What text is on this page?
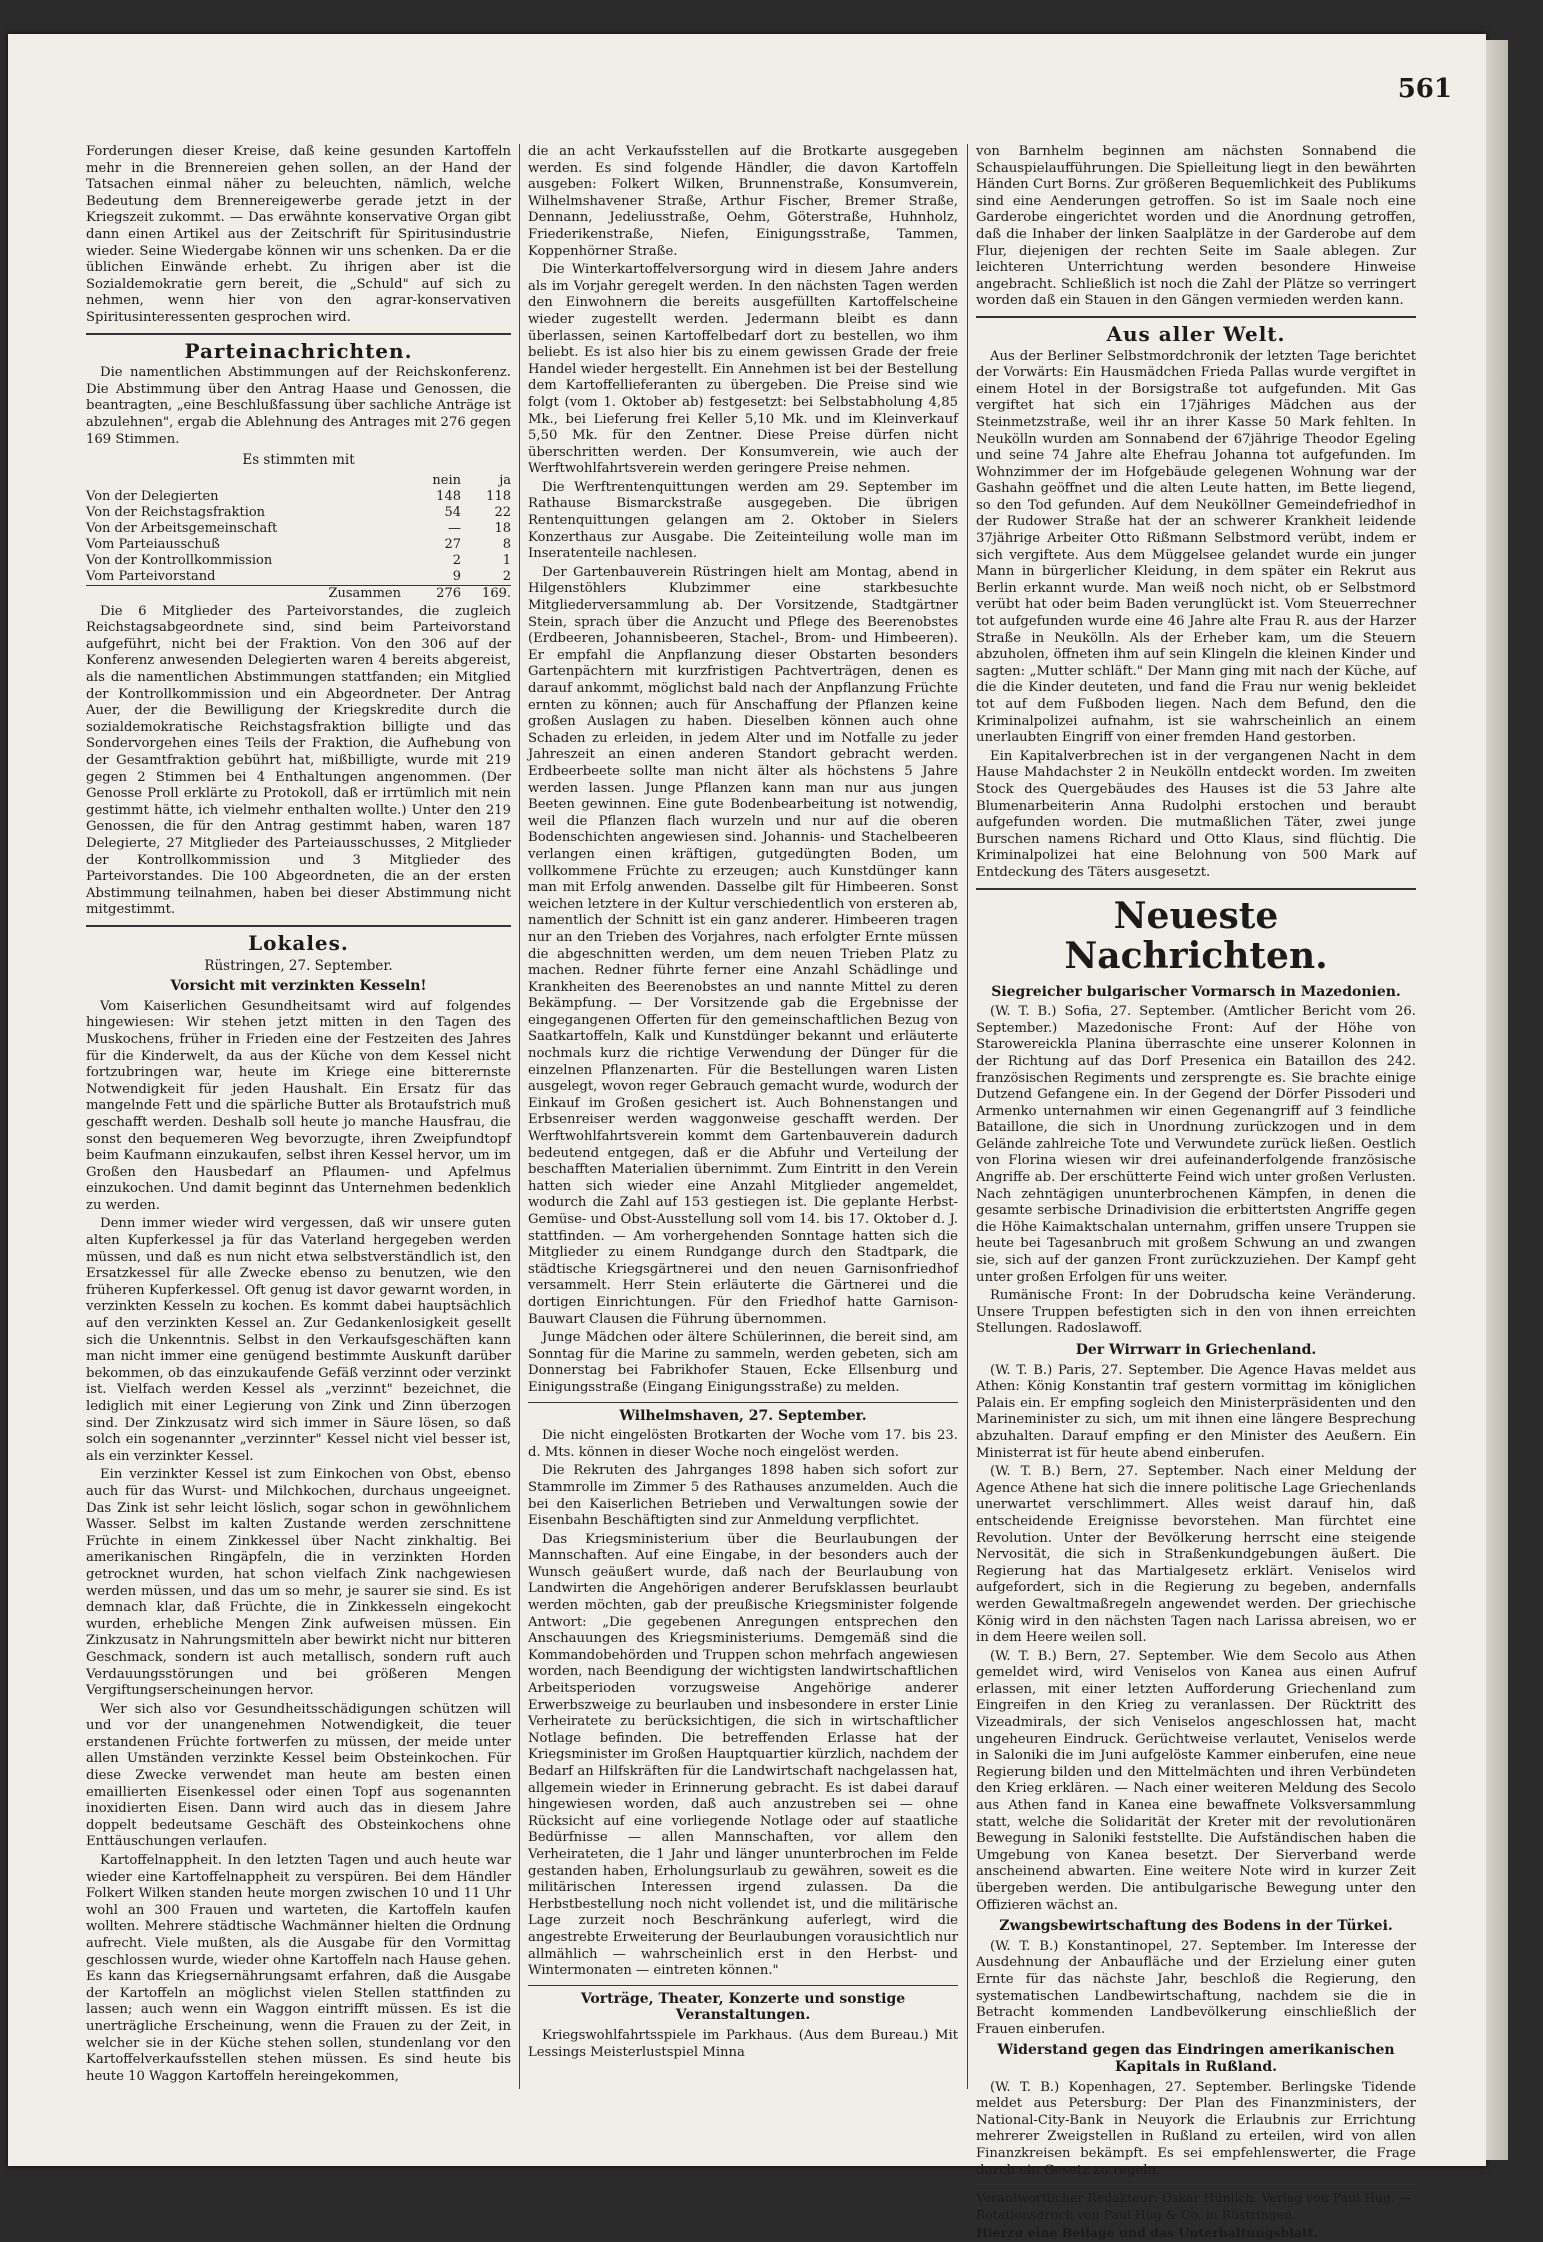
561

Forderungen dieser Kreise, daß keine gesunden Kartoffeln mehr in die Brennereien gehen sollen, an der Hand der Tatsachen einmal näher zu beleuchten, nämlich, welche Bedeutung dem Brennereigewerbe gerade jetzt in der Kriegszeit zukommt. — Das erwähnte konservative Organ gibt dann einen Artikel aus der Zeitschrift für Spiritusindustrie wieder. Seine Wiedergabe können wir uns schenken. Da er die üblichen Einwände erhebt. Zu ihrigen aber ist die Sozialdemokratie gern bereit, die „Schuld" auf sich zu nehmen, wenn hier von den agrar-konservativen Spiritusinteressenten gesprochen wird.

Parteinachrichten.

Die namentlichen Abstimmungen auf der Reichskonferenz. Die Abstimmung über den Antrag Haase und Genossen, die beantragten, „eine Beschlußfassung über sachliche Anträge ist abzulehnen", ergab die Ablehnung des Antrages mit 276 gegen 169 Stimmen.

Es stimmten mit
	nein	ja
Von der Delegierten	148	118
Von der Reichstagsfraktion	54	22
Von der Arbeitsgemeinschaft	—	18
Vom Parteiausschuß	27	8
Von der Kontrollkommission	2	1
Vom Parteivorstand	9	2
Zusammen	276	169.

Die 6 Mitglieder des Parteivorstandes, die zugleich Reichstagsabgeordnete sind, sind beim Parteivorstand aufgeführt, nicht bei der Fraktion. Von den 306 auf der Konferenz anwesenden Delegierten waren 4 bereits abgereist, als die namentlichen Abstimmungen stattfanden; ein Mitglied der Kontrollkommission und ein Abgeordneter. Der Antrag Auer, der die Bewilligung der Kriegskredite durch die sozialdemokratische Reichstagsfraktion billigte und das Sondervorgehen eines Teils der Fraktion, die Aufhebung von der Gesamtfraktion gebührt hat, mißbilligte, wurde mit 219 gegen 2 Stimmen bei 4 Enthaltungen angenommen. (Der Genosse Proll erklärte zu Protokoll, daß er irrtümlich mit nein gestimmt hätte, ich vielmehr enthalten wollte.) Unter den 219 Genossen, die für den Antrag gestimmt haben, waren 187 Delegierte, 27 Mitglieder des Parteiausschusses, 2 Mitglieder der Kontrollkommission und 3 Mitglieder des Parteivorstandes. Die 100 Abgeordneten, die an der ersten Abstimmung teilnahmen, haben bei dieser Abstimmung nicht mitgestimmt.

Lokales.
Rüstringen, 27. September.
Vorsicht mit verzinkten Kesseln!

Vom Kaiserlichen Gesundheitsamt wird auf folgendes hingewiesen: Wir stehen jetzt mitten in den Tagen des Muskochens, früher in Frieden eine der Festzeiten des Jahres für die Kinderwelt, da aus der Küche von dem Kessel nicht fortzubringen war, heute im Kriege eine bitterernste Notwendigkeit für jeden Haushalt. Ein Ersatz für das mangelnde Fett und die spärliche Butter als Brotaufstrich muß geschafft werden. Deshalb soll heute jo manche Hausfrau, die sonst den bequemeren Weg bevorzugte, ihren Zweipfundtopf beim Kaufmann einzukaufen, selbst ihren Kessel hervor, um im Großen den Hausbedarf an Pflaumen- und Apfelmus einzukochen. Und damit beginnt das Unternehmen bedenklich zu werden.

Denn immer wieder wird vergessen, daß wir unsere guten alten Kupferkessel ja für das Vaterland hergegeben werden müssen, und daß es nun nicht etwa selbstverständlich ist, den Ersatzkessel für alle Zwecke ebenso zu benutzen, wie den früheren Kupferkessel. Oft genug ist davor gewarnt worden, in verzinkten Kesseln zu kochen. Es kommt dabei hauptsächlich auf den verzinkten Kessel an. Zur Gedankenlosigkeit gesellt sich die Unkenntnis. Selbst in den Verkaufsgeschäften kann man nicht immer eine genügend bestimmte Auskunft darüber bekommen, ob das einzukaufende Gefäß verzinnt oder verzinkt ist. Vielfach werden Kessel als „verzinnt" bezeichnet, die lediglich mit einer Legierung von Zink und Zinn überzogen sind. Der Zinkzusatz wird sich immer in Säure lösen, so daß solch ein sogenannter „verzinnter" Kessel nicht viel besser ist, als ein verzinkter Kessel.

Ein verzinkter Kessel ist zum Einkochen von Obst, ebenso auch für das Wurst- und Milchkochen, durchaus ungeeignet. Das Zink ist sehr leicht löslich, sogar schon in gewöhnlichem Wasser. Selbst im kalten Zustande werden zerschnittene Früchte in einem Zinkkessel über Nacht zinkhaltig. Bei amerikanischen Ringäpfeln, die in verzinkten Horden getrocknet wurden, hat schon vielfach Zink nachgewiesen werden müssen, und das um so mehr, je saurer sie sind. Es ist demnach klar, daß Früchte, die in Zinkkesseln eingekocht wurden, erhebliche Mengen Zink aufweisen müssen. Ein Zinkzusatz in Nahrungsmitteln aber bewirkt nicht nur bitteren Geschmack, sondern ist auch metallisch, sondern ruft auch Verdauungsstörungen und bei größeren Mengen Vergiftungserscheinungen hervor.

Wer sich also vor Gesundheitsschädigungen schützen will und vor der unangenehmen Notwendigkeit, die teuer erstandenen Früchte fortwerfen zu müssen, der meide unter allen Umständen verzinkte Kessel beim Obsteinkochen. Für diese Zwecke verwendet man heute am besten einen emaillierten Eisenkessel oder einen Topf aus sogenannten inoxidierten Eisen. Dann wird auch das in diesem Jahre doppelt bedeutsame Geschäft des Obsteinkochens ohne Enttäuschungen verlaufen.

Kartoffelnappheit. In den letzten Tagen und auch heute war wieder eine Kartoffelnappheit zu verspüren. Bei dem Händler Folkert Wilken standen heute morgen zwischen 10 und 11 Uhr wohl an 300 Frauen und warteten, die Kartoffeln kaufen wollten. Mehrere städtische Wachmänner hielten die Ordnung aufrecht. Viele mußten, als die Ausgabe für den Vormittag geschlossen wurde, wieder ohne Kartoffeln nach Hause gehen. Es kann das Kriegsernährungsamt erfahren, daß die Ausgabe der Kartoffeln an möglichst vielen Stellen stattfinden zu lassen; auch wenn ein Waggon eintrifft müssen. Es ist die unerträgliche Erscheinung, wenn die Frauen zu der Zeit, in welcher sie in der Küche stehen sollen, stundenlang vor den Kartoffelverkaufsstellen stehen müssen. Es sind heute bis heute 10 Waggon Kartoffeln hereingekommen,

die an acht Verkaufsstellen auf die Brotkarte ausgegeben werden. Es sind folgende Händler, die davon Kartoffeln ausgeben: Folkert Wilken, Brunnenstraße, Konsumverein, Wilhelmshavener Straße, Arthur Fischer, Bremer Straße, Dennann, Jedeliusstraße, Oehm, Göterstraße, Huhnholz, Friederikenstraße, Niefen, Einigungsstraße, Tammen, Koppenhörner Straße.

Die Winterkartoffelversorgung wird in diesem Jahre anders als im Vorjahr geregelt werden. In den nächsten Tagen werden den Einwohnern die bereits ausgefüllten Kartoffelscheine wieder zugestellt werden. Jedermann bleibt es dann überlassen, seinen Kartoffelbedarf dort zu bestellen, wo ihm beliebt. Es ist also hier bis zu einem gewissen Grade der freie Handel wieder hergestellt. Ein Annehmen ist bei der Bestellung dem Kartoffellieferanten zu übergeben. Die Preise sind wie folgt (vom 1. Oktober ab) festgesetzt: bei Selbstabholung 4,85 Mk., bei Lieferung frei Keller 5,10 Mk. und im Kleinverkauf 5,50 Mk. für den Zentner. Diese Preise dürfen nicht überschritten werden. Der Konsumverein, wie auch der Werftwohlfahrtsverein werden geringere Preise nehmen.

Die Werftrentenquittungen werden am 29. September im Rathause Bismarckstraße ausgegeben. Die übrigen Rentenquittungen gelangen am 2. Oktober in Sielers Konzerthaus zur Ausgabe. Die Zeiteinteilung wolle man im Inseratenteile nachlesen.

Der Gartenbauverein Rüstringen hielt am Montag, abend in Hilgenstöhlers Klubzimmer eine starkbesuchte Mitgliederversammlung ab. Der Vorsitzende, Stadtgärtner Stein, sprach über die Anzucht und Pflege des Beerenobstes (Erdbeeren, Johannisbeeren, Stachel-, Brom- und Himbeeren). Er empfahl die Anpflanzung dieser Obstarten besonders Gartenpächtern mit kurzfristigen Pachtverträgen, denen es darauf ankommt, möglichst bald nach der Anpflanzung Früchte ernten zu können; auch für Anschaffung der Pflanzen keine großen Auslagen zu haben. Dieselben können auch ohne Schaden zu erleiden, in jedem Alter und im Notfalle zu jeder Jahreszeit an einen anderen Standort gebracht werden. Erdbeerbeete sollte man nicht älter als höchstens 5 Jahre werden lassen. Junge Pflanzen kann man nur aus jungen Beeten gewinnen. Eine gute Bodenbearbeitung ist notwendig, weil die Pflanzen flach wurzeln und nur auf die oberen Bodenschichten angewiesen sind. Johannis- und Stachelbeeren verlangen einen kräftigen, gutgedüngten Boden, um vollkommene Früchte zu erzeugen; auch Kunstdünger kann man mit Erfolg anwenden. Dasselbe gilt für Himbeeren. Sonst weichen letztere in der Kultur verschiedentlich von ersteren ab, namentlich der Schnitt ist ein ganz anderer. Himbeeren tragen nur an den Trieben des Vorjahres, nach erfolgter Ernte müssen die abgeschnitten werden, um dem neuen Trieben Platz zu machen. Redner führte ferner eine Anzahl Schädlinge und Krankheiten des Beerenobstes an und nannte Mittel zu deren Bekämpfung. — Der Vorsitzende gab die Ergebnisse der eingegangenen Offerten für den gemeinschaftlichen Bezug von Saatkartoffeln, Kalk und Kunstdünger bekannt und erläuterte nochmals kurz die richtige Verwendung der Dünger für die einzelnen Pflanzenarten. Für die Bestellungen waren Listen ausgelegt, wovon reger Gebrauch gemacht wurde, wodurch der Einkauf im Großen gesichert ist. Auch Bohnenstangen und Erbsenreiser werden waggonweise geschafft werden. Der Werftwohlfahrtsverein kommt dem Gartenbauverein dadurch bedeutend entgegen, daß er die Abfuhr und Verteilung der beschafften Materialien übernimmt. Zum Eintritt in den Verein hatten sich wieder eine Anzahl Mitglieder angemeldet, wodurch die Zahl auf 153 gestiegen ist. Die geplante Herbst-Gemüse- und Obst-Ausstellung soll vom 14. bis 17. Oktober d. J. stattfinden. — Am vorhergehenden Sonntage hatten sich die Mitglieder zu einem Rundgange durch den Stadtpark, die städtische Kriegsgärtnerei und den neuen Garnisonfriedhof versammelt. Herr Stein erläuterte die Gärtnerei und die dortigen Einrichtungen. Für den Friedhof hatte Garnison-Bauwart Clausen die Führung übernommen.

Junge Mädchen oder ältere Schülerinnen, die bereit sind, am Sonntag für die Marine zu sammeln, werden gebeten, sich am Donnerstag bei Fabrikhofer Stauen, Ecke Ellsenburg und Einigungsstraße (Eingang Einigungsstraße) zu melden.

Wilhelmshaven, 27. September.

Die nicht eingelösten Brotkarten der Woche vom 17. bis 23. d. Mts. können in dieser Woche noch eingelöst werden.

Die Rekruten des Jahrganges 1898 haben sich sofort zur Stammrolle im Zimmer 5 des Rathauses anzumelden. Auch die bei den Kaiserlichen Betrieben und Verwaltungen sowie der Eisenbahn Beschäftigten sind zur Anmeldung verpflichtet.

Das Kriegsministerium über die Beurlaubungen der Mannschaften. Auf eine Eingabe, in der besonders auch der Wunsch geäußert wurde, daß nach der Beurlaubung von Landwirten die Angehörigen anderer Berufsklassen beurlaubt werden möchten, gab der preußische Kriegsminister folgende Antwort: „Die gegebenen Anregungen entsprechen den Anschauungen des Kriegsministeriums. Demgemäß sind die Kommandobehörden und Truppen schon mehrfach angewiesen worden, nach Beendigung der wichtigsten landwirtschaftlichen Arbeitsperioden vorzugsweise Angehörige anderer Erwerbszweige zu beurlauben und insbesondere in erster Linie Verheiratete zu berücksichtigen, die sich in wirtschaftlicher Notlage befinden. Die betreffenden Erlasse hat der Kriegsminister im Großen Hauptquartier kürzlich, nachdem der Bedarf an Hilfskräften für die Landwirtschaft nachgelassen hat, allgemein wieder in Erinnerung gebracht. Es ist dabei darauf hingewiesen worden, daß auch anzustreben sei — ohne Rücksicht auf eine vorliegende Notlage oder auf staatliche Bedürfnisse — allen Mannschaften, vor allem den Verheirateten, die 1 Jahr und länger ununterbrochen im Felde gestanden haben, Erholungsurlaub zu gewähren, soweit es die militärischen Interessen irgend zulassen. Da die Herbstbestellung noch nicht vollendet ist, und die militärische Lage zurzeit noch Beschränkung auferlegt, wird die angestrebte Erweiterung der Beurlaubungen vorausichtlich nur allmählich — wahrscheinlich erst in den Herbst- und Wintermonaten — eintreten können."

Vorträge, Theater, Konzerte und sonstige Veranstaltungen.

Kriegswohlfahrtsspiele im Parkhaus. (Aus dem Bureau.) Mit Lessings Meisterlustspiel Minna

von Barnhelm beginnen am nächsten Sonnabend die Schauspielaufführungen. Die Spielleitung liegt in den bewährten Händen Curt Borns. Zur größeren Bequemlichkeit des Publikums sind eine Aenderungen getroffen. So ist im Saale noch eine Garderobe eingerichtet worden und die Anordnung getroffen, daß die Inhaber der linken Saalplätze in der Garderobe auf dem Flur, diejenigen der rechten Seite im Saale ablegen. Zur leichteren Unterrichtung werden besondere Hinweise angebracht. Schließlich ist noch die Zahl der Plätze so verringert worden daß ein Stauen in den Gängen vermieden werden kann.

Aus aller Welt.

Aus der Berliner Selbstmordchronik der letzten Tage berichtet der Vorwärts: Ein Hausmädchen Frieda Pallas wurde vergiftet in einem Hotel in der Borsigstraße tot aufgefunden. Mit Gas vergiftet hat sich ein 17jähriges Mädchen aus der Steinmetzstraße, weil ihr an ihrer Kasse 50 Mark fehlten. In Neukölln wurden am Sonnabend der 67jährige Theodor Egeling und seine 74 Jahre alte Ehefrau Johanna tot aufgefunden. Im Wohnzimmer der im Hofgebäude gelegenen Wohnung war der Gashahn geöffnet und die alten Leute hatten, im Bette liegend, so den Tod gefunden. Auf dem Neuköllner Gemeindefriedhof in der Rudower Straße hat der an schwerer Krankheit leidende 37jährige Arbeiter Otto Rißmann Selbstmord verübt, indem er sich vergiftete. Aus dem Müggelsee gelandet wurde ein junger Mann in bürgerlicher Kleidung, in dem später ein Rekrut aus Berlin erkannt wurde. Man weiß noch nicht, ob er Selbstmord verübt hat oder beim Baden verunglückt ist. Vom Steuerrechner tot aufgefunden wurde eine 46 Jahre alte Frau R. aus der Harzer Straße in Neukölln. Als der Erheber kam, um die Steuern abzuholen, öffneten ihm auf sein Klingeln die kleinen Kinder und sagten: „Mutter schläft." Der Mann ging mit nach der Küche, auf die die Kinder deuteten, und fand die Frau nur wenig bekleidet tot auf dem Fußboden liegen. Nach dem Befund, den die Kriminalpolizei aufnahm, ist sie wahrscheinlich an einem unerlaubten Eingriff von einer fremden Hand gestorben.

Ein Kapitalverbrechen ist in der vergangenen Nacht in dem Hause Mahdachster 2 in Neukölln entdeckt worden. Im zweiten Stock des Quergebäudes des Hauses ist die 53 Jahre alte Blumenarbeiterin Anna Rudolphi erstochen und beraubt aufgefunden worden. Die mutmaßlichen Täter, zwei junge Burschen namens Richard und Otto Klaus, sind flüchtig. Die Kriminalpolizei hat eine Belohnung von 500 Mark auf Entdeckung des Täters ausgesetzt.

Neueste Nachrichten.
Siegreicher bulgarischer Vormarsch in Mazedonien.

(W. T. B.) Sofia, 27. September. (Amtlicher Bericht vom 26. September.) Mazedonische Front: Auf der Höhe von Starowereickla Planina überraschte eine unserer Kolonnen in der Richtung auf das Dorf Presenica ein Bataillon des 242. französischen Regiments und zersprengte es. Sie brachte einige Dutzend Gefangene ein. In der Gegend der Dörfer Pissoderi und Armenko unternahmen wir einen Gegenangriff auf 3 feindliche Bataillone, die sich in Unordnung zurückzogen und in dem Gelände zahlreiche Tote und Verwundete zurück ließen. Oestlich von Florina wiesen wir drei aufeinanderfolgende französische Angriffe ab. Der erschütterte Feind wich unter großen Verlusten. Nach zehntägigen ununterbrochenen Kämpfen, in denen die gesamte serbische Drinadivision die erbittertsten Angriffe gegen die Höhe Kaimaktschalan unternahm, griffen unsere Truppen sie heute bei Tagesanbruch mit großem Schwung an und zwangen sie, sich auf der ganzen Front zurückzuziehen. Der Kampf geht unter großen Erfolgen für uns weiter.

Rumänische Front: In der Dobrudscha keine Veränderung. Unsere Truppen befestigten sich in den von ihnen erreichten Stellungen. Radoslawoff.

Der Wirrwarr in Griechenland.

(W. T. B.) Paris, 27. September. Die Agence Havas meldet aus Athen: König Konstantin traf gestern vormittag im königlichen Palais ein. Er empfing sogleich den Ministerpräsidenten und den Marineminister zu sich, um mit ihnen eine längere Besprechung abzuhalten. Darauf empfing er den Minister des Aeußern. Ein Ministerrat ist für heute abend einberufen.

(W. T. B.) Bern, 27. September. Nach einer Meldung der Agence Athene hat sich die innere politische Lage Griechenlands unerwartet verschlimmert. Alles weist darauf hin, daß entscheidende Ereignisse bevorstehen. Man fürchtet eine Revolution. Unter der Bevölkerung herrscht eine steigende Nervosität, die sich in Straßenkundgebungen äußert. Die Regierung hat das Martialgesetz erklärt. Veniselos wird aufgefordert, sich in die Regierung zu begeben, andernfalls werden Gewaltmaßregeln angewendet werden. Der griechische König wird in den nächsten Tagen nach Larissa abreisen, wo er in dem Heere weilen soll.

(W. T. B.) Bern, 27. September. Wie dem Secolo aus Athen gemeldet wird, wird Veniselos von Kanea aus einen Aufruf erlassen, mit einer letzten Aufforderung Griechenland zum Eingreifen in den Krieg zu veranlassen. Der Rücktritt des Vizeadmirals, der sich Veniselos angeschlossen hat, macht ungeheuren Eindruck. Gerüchtweise verlautet, Veniselos werde in Saloniki die im Juni aufgelöste Kammer einberufen, eine neue Regierung bilden und den Mittelmächten und ihren Verbündeten den Krieg erklären. — Nach einer weiteren Meldung des Secolo aus Athen fand in Kanea eine bewaffnete Volksversammlung statt, welche die Solidarität der Kreter mit der revolutionären Bewegung in Saloniki feststellte. Die Aufständischen haben die Umgebung von Kanea besetzt. Der Sierverband werde anscheinend abwarten. Eine weitere Note wird in kurzer Zeit übergeben werden. Die antibulgarische Bewegung unter den Offizieren wächst an.

Zwangsbewirtschaftung des Bodens in der Türkei.

(W. T. B.) Konstantinopel, 27. September. Im Interesse der Ausdehnung der Anbaufläche und der Erzielung einer guten Ernte für das nächste Jahr, beschloß die Regierung, den systematischen Landbewirtschaftung, nachdem sie die in Betracht kommenden Landbevölkerung einschließlich der Frauen einberufen.

Widerstand gegen das Eindringen amerikanischen Kapitals in Rußland.

(W. T. B.) Kopenhagen, 27. September. Berlingske Tidende meldet aus Petersburg: Der Plan des Finanzministers, der National-City-Bank in Neuyork die Erlaubnis zur Errichtung mehrerer Zweigstellen in Rußland zu erteilen, wird von allen Finanzkreisen bekämpft. Es sei empfehlenswerter, die Frage durch ein Gesetz zu regeln.

Verantwortlicher Redakteur: Oskar Hünlich. Verlag von Paul Hug. — Rotationsdruck von Paul Hug & Co. in Rüstringen.

Hierzu eine Beilage und das Unterhaltungsblatt.
